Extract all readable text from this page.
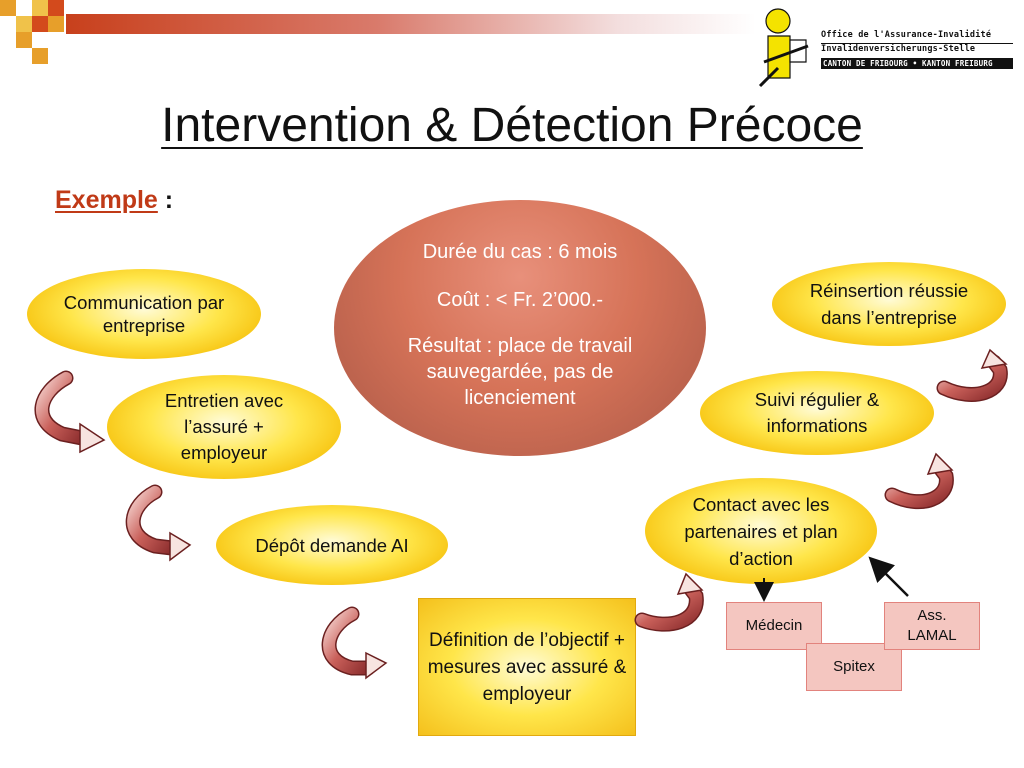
Office de l'Assurance-Invalidité
Invalidenversicherungs-Stelle
CANTON DE FRIBOURG • KANTON FREIBURG
Intervention & Détection Précoce
Exemple :

Durée du cas : 6 mois

Coût : < Fr. 2’000.-

Résultat : place de travail sauvegardée, pas de licenciement

Communication par entreprise
Entretien avec l’assuré + employeur
Dépôt demande AI
Contact avec les partenaires et plan d’action
Suivi régulier & informations
Réinsertion réussie dans l’entreprise
Définition de l’objectif + mesures avec assuré & employeur
Médecin
Spitex
Ass. LAMAL
